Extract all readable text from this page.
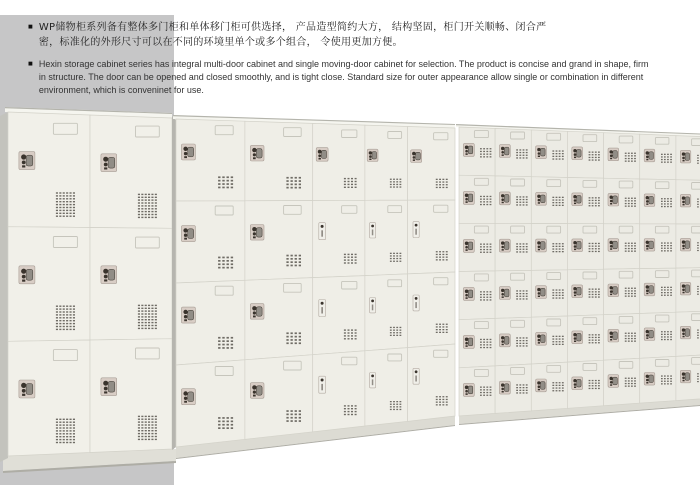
■ WP储物柜系列备有整体多门柜和单体移门柜可供选择， 产品造型简约大方， 结构坚固，柜门开关顺畅、闭合严密，标准化的外形尺寸可以在不同的环境里单个或多个组合， 令使用更加方便。

■ Hexin storage cabinet series has integral multi-door cabinet and single moving-door cabinet for selection. The product is concise and grand in shape, firm in structure. The door can be opened and closed smoothly, and is tight close. Standard size for outer appearance allow single or combination in different environment, which is conveninet for use.
